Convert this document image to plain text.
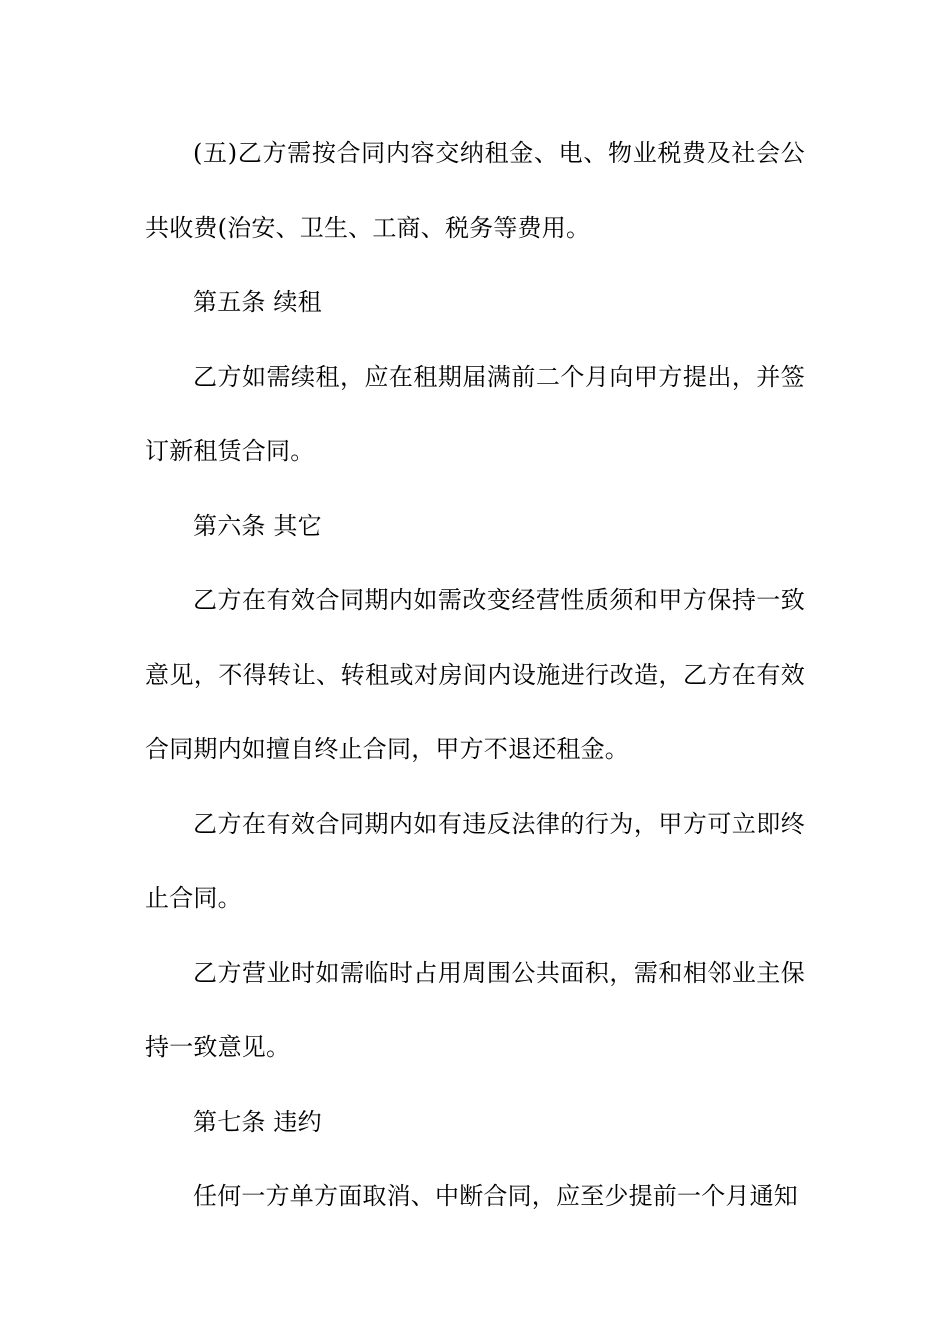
(五)乙方需按合同内容交纳租金、电、物业税费及社会公共收费(治安、卫生、工商、税务等费用。

第五条 续租

乙方如需续租，应在租期届满前二个月向甲方提出，并签订新租赁合同。

第六条 其它

乙方在有效合同期内如需改变经营性质须和甲方保持一致意见，不得转让、转租或对房间内设施进行改造，乙方在有效合同期内如擅自终止合同，甲方不退还租金。

乙方在有效合同期内如有违反法律的行为，甲方可立即终止合同。

乙方营业时如需临时占用周围公共面积，需和相邻业主保持一致意见。

第七条 违约

任何一方单方面取消、中断合同，应至少提前一个月通知
